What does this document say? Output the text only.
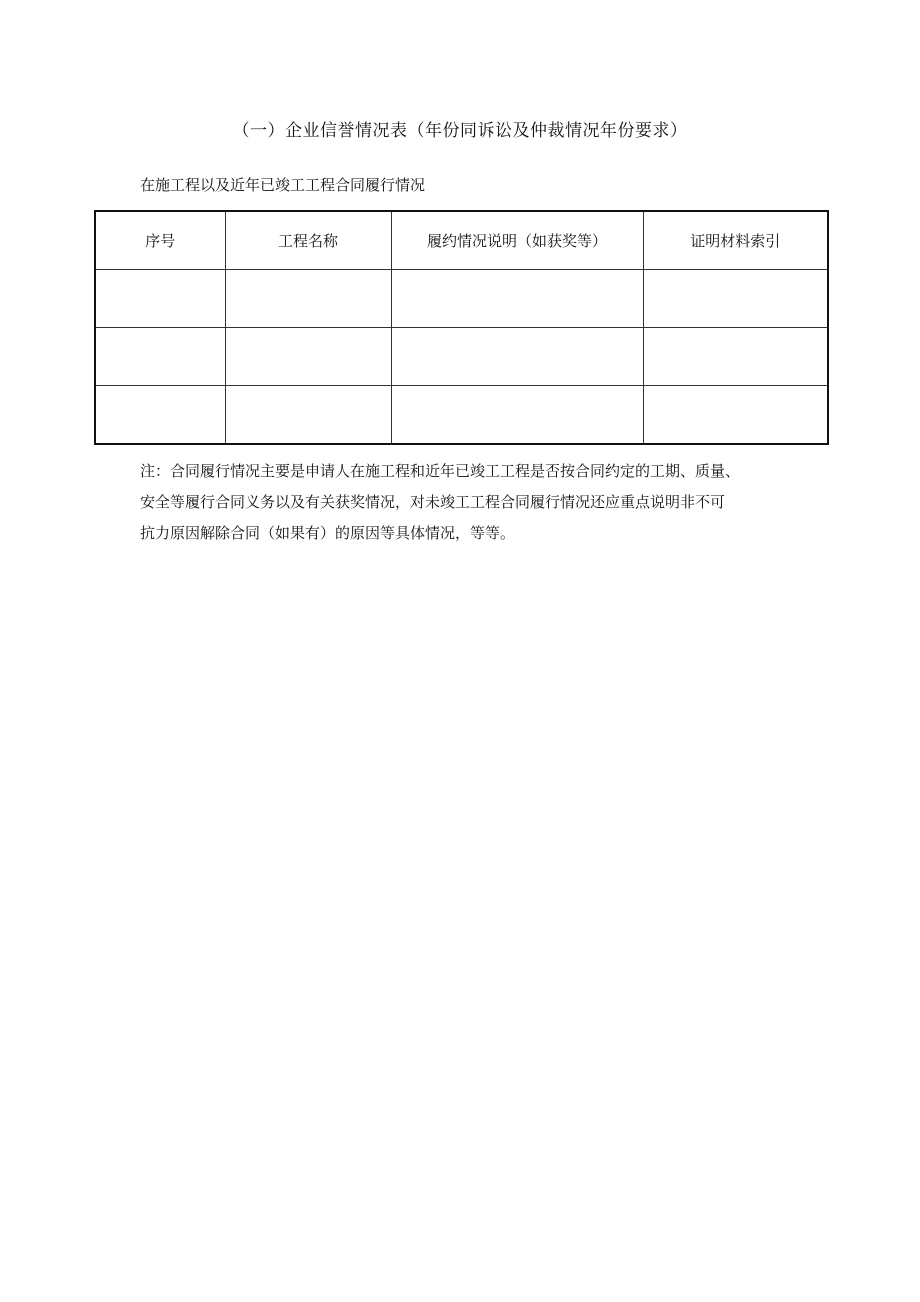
（一）企业信誉情况表（年份同诉讼及仲裁情况年份要求）

在施工程以及近年已竣工工程合同履行情况

序号	工程名称	履约情况说明（如获奖等）	证明材料索引

注：合同履行情况主要是申请人在施工程和近年已竣工工程是否按合同约定的工期、质量、

安全等履行合同义务以及有关获奖情况，对未竣工工程合同履行情况还应重点说明非不可

抗力原因解除合同（如果有）的原因等具体情况，等等。
